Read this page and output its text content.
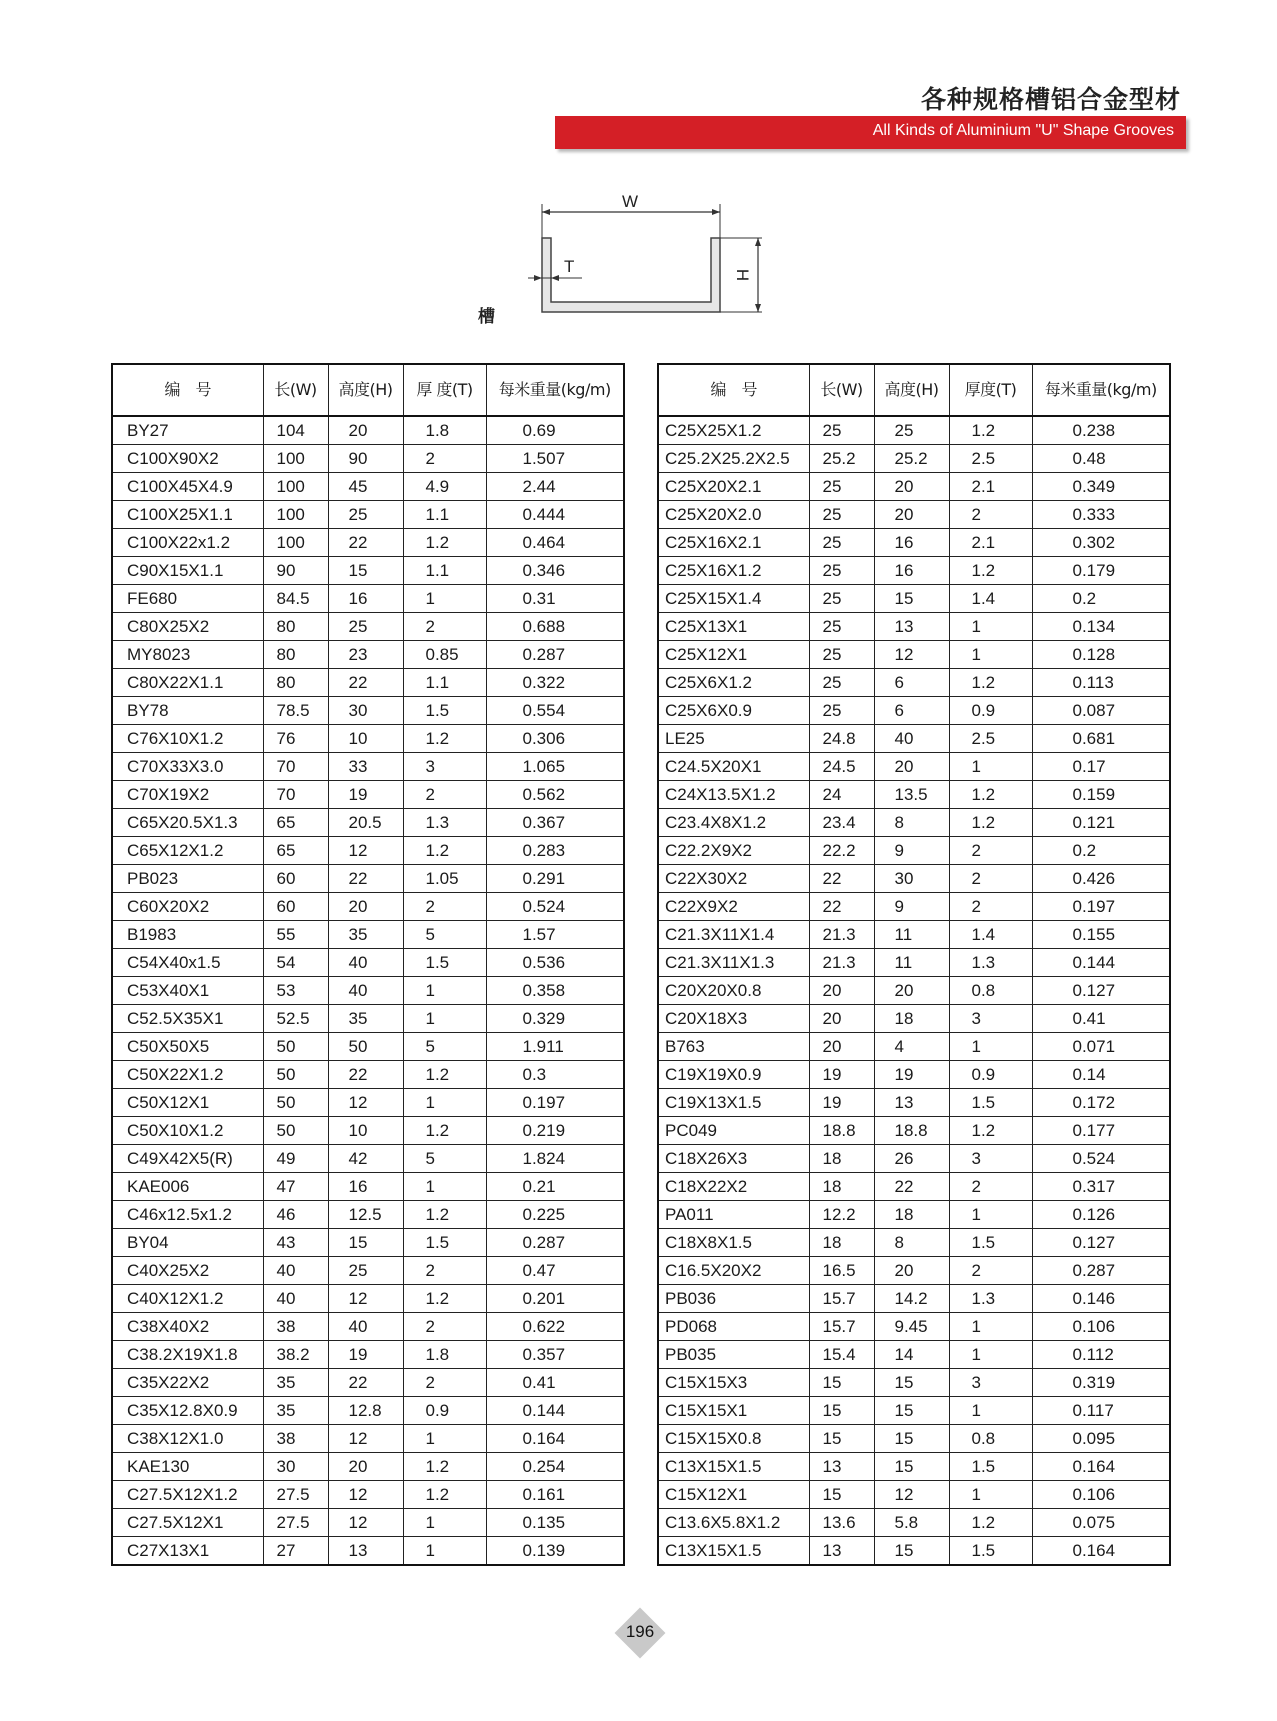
各种规格槽铝合金型材
All Kinds of Aluminium "U" Shape Grooves
W
T	H
槽
编　号	长(W)	高度(H)	厚 度(T)	每米重量(kg/m)
BY27	104	20	1.8	0.69
C100X90X2	100	90	2	1.507
C100X45X4.9	100	45	4.9	2.44
C100X25X1.1	100	25	1.1	0.444
C100X22x1.2	100	22	1.2	0.464
C90X15X1.1	90	15	1.1	0.346
FE680	84.5	16	1	0.31
C80X25X2	80	25	2	0.688
MY8023	80	23	0.85	0.287
C80X22X1.1	80	22	1.1	0.322
BY78	78.5	30	1.5	0.554
C76X10X1.2	76	10	1.2	0.306
C70X33X3.0	70	33	3	1.065
C70X19X2	70	19	2	0.562
C65X20.5X1.3	65	20.5	1.3	0.367
C65X12X1.2	65	12	1.2	0.283
PB023	60	22	1.05	0.291
C60X20X2	60	20	2	0.524
B1983	55	35	5	1.57
C54X40x1.5	54	40	1.5	0.536
C53X40X1	53	40	1	0.358
C52.5X35X1	52.5	35	1	0.329
C50X50X5	50	50	5	1.911
C50X22X1.2	50	22	1.2	0.3
C50X12X1	50	12	1	0.197
C50X10X1.2	50	10	1.2	0.219
C49X42X5(R)	49	42	5	1.824
KAE006	47	16	1	0.21
C46x12.5x1.2	46	12.5	1.2	0.225
BY04	43	15	1.5	0.287
C40X25X2	40	25	2	0.47
C40X12X1.2	40	12	1.2	0.201
C38X40X2	38	40	2	0.622
C38.2X19X1.8	38.2	19	1.8	0.357
C35X22X2	35	22	2	0.41
C35X12.8X0.9	35	12.8	0.9	0.144
C38X12X1.0	38	12	1	0.164
KAE130	30	20	1.2	0.254
C27.5X12X1.2	27.5	12	1.2	0.161
C27.5X12X1	27.5	12	1	0.135
C27X13X1	27	13	1	0.139
编　号	长(W)	高度(H)	厚度(T)	每米重量(kg/m)
C25X25X1.2	25	25	1.2	0.238
C25.2X25.2X2.5	25.2	25.2	2.5	0.48
C25X20X2.1	25	20	2.1	0.349
C25X20X2.0	25	20	2	0.333
C25X16X2.1	25	16	2.1	0.302
C25X16X1.2	25	16	1.2	0.179
C25X15X1.4	25	15	1.4	0.2
C25X13X1	25	13	1	0.134
C25X12X1	25	12	1	0.128
C25X6X1.2	25	6	1.2	0.113
C25X6X0.9	25	6	0.9	0.087
LE25	24.8	40	2.5	0.681
C24.5X20X1	24.5	20	1	0.17
C24X13.5X1.2	24	13.5	1.2	0.159
C23.4X8X1.2	23.4	8	1.2	0.121
C22.2X9X2	22.2	9	2	0.2
C22X30X2	22	30	2	0.426
C22X9X2	22	9	2	0.197
C21.3X11X1.4	21.3	11	1.4	0.155
C21.3X11X1.3	21.3	11	1.3	0.144
C20X20X0.8	20	20	0.8	0.127
C20X18X3	20	18	3	0.41
B763	20	4	1	0.071
C19X19X0.9	19	19	0.9	0.14
C19X13X1.5	19	13	1.5	0.172
PC049	18.8	18.8	1.2	0.177
C18X26X3	18	26	3	0.524
C18X22X2	18	22	2	0.317
PA011	12.2	18	1	0.126
C18X8X1.5	18	8	1.5	0.127
C16.5X20X2	16.5	20	2	0.287
PB036	15.7	14.2	1.3	0.146
PD068	15.7	9.45	1	0.106
PB035	15.4	14	1	0.112
C15X15X3	15	15	3	0.319
C15X15X1	15	15	1	0.117
C15X15X0.8	15	15	0.8	0.095
C13X15X1.5	13	15	1.5	0.164
C15X12X1	15	12	1	0.106
C13.6X5.8X1.2	13.6	5.8	1.2	0.075
C13X15X1.5	13	15	1.5	0.164
196
